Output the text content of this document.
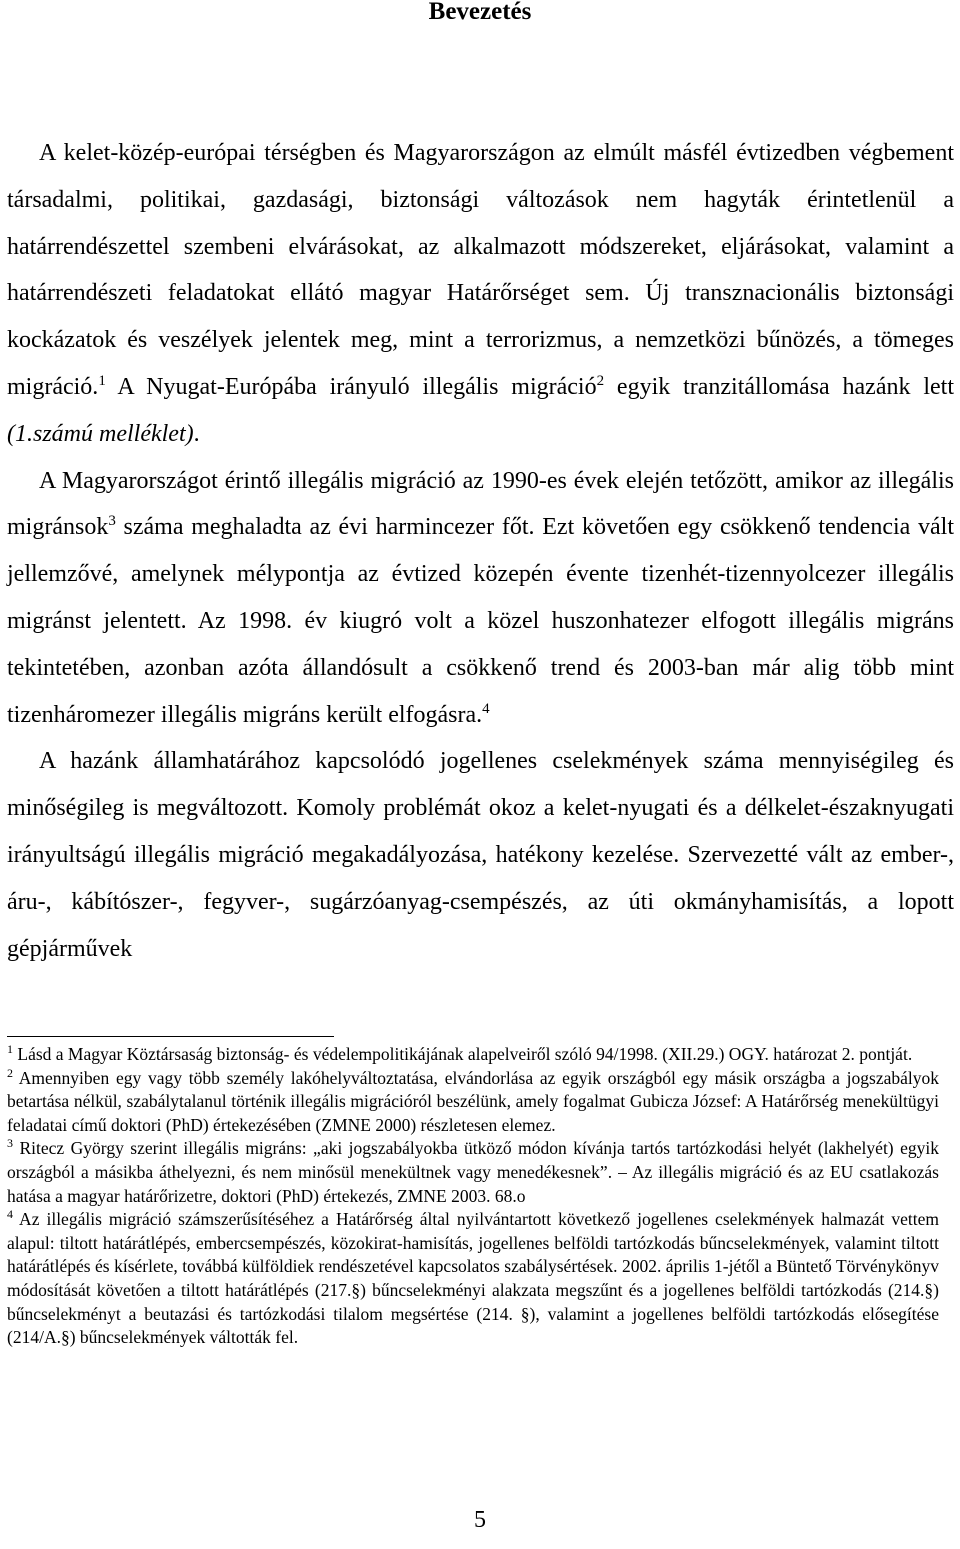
Bevezetés

A kelet-közép-európai térségben és Magyarországon az elmúlt másfél évtizedben végbement társadalmi, politikai, gazdasági, biztonsági változások nem hagyták érintetlenül a határrendészettel szembeni elvárásokat, az alkalmazott módszereket, eljárásokat, valamint a határrendészeti feladatokat ellátó magyar Határőrséget sem. Új transznacionális biztonsági kockázatok és veszélyek jelentek meg, mint a terrorizmus, a nemzetközi bűnözés, a tömeges migráció.$^1$ A Nyugat-Európába irányuló illegális migráció$^2$ egyik tranzitállomása hazánk lett (1.számú melléklet).

A Magyarországot érintő illegális migráció az 1990-es évek elején tetőzött, amikor az illegális migránsok$^3$ száma meghaladta az évi harmincezer főt. Ezt követően egy csökkenő tendencia vált jellemzővé, amelynek mélypontja az évtized közepén évente tizenhét-tizennyolcezer illegális migránst jelentett. Az 1998. év kiugró volt a közel huszonhatezer elfogott illegális migráns tekintetében, azonban azóta állandósult a csökkenő trend és 2003-ban már alig több mint tizenháromezer illegális migráns került elfogásra.$^4$

A hazánk államhatárához kapcsolódó jogellenes cselekmények száma mennyiségileg és minőségileg is megváltozott. Komoly problémát okoz a kelet-nyugati és a délkelet-északnyugati irányultságú illegális migráció megakadályozása, hatékony kezelése. Szervezetté vált az ember-, áru-, kábítószer-, fegyver-, sugárzóanyag-csempészés, az úti okmányhamisítás, a lopott gépjárművek

$^1$ Lásd a Magyar Köztársaság biztonság- és védelempolitikájának alapelveiről szóló 94/1998. (XII.29.) OGY. határozat 2. pontját.

$^2$ Amennyiben egy vagy több személy lakóhelyváltoztatása, elvándorlása az egyik országból egy másik országba a jogszabályok betartása nélkül, szabálytalanul történik illegális migrációról beszélünk, amely fogalmat Gubicza József: A Határőrség menekültügyi feladatai című doktori (PhD) értekezésében (ZMNE 2000) részletesen elemez.

$^3$ Ritecz György szerint illegális migráns: „aki jogszabályokba ütköző módon kívánja tartós tartózkodási helyét (lakhelyét) egyik országból a másikba áthelyezni, és nem minősül menekültnek vagy menedékesnek”. – Az illegális migráció és az EU csatlakozás hatása a magyar határőrizetre, doktori (PhD) értekezés, ZMNE 2003. 68.o

$^4$ Az illegális migráció számszerűsítéséhez a Határőrség által nyilvántartott következő jogellenes cselekmények halmazát vettem alapul: tiltott határátlépés, embercsempészés, közokirat-hamisítás, jogellenes belföldi tartózkodás bűncselekmények, valamint tiltott határátlépés és kísérlete, továbbá külföldiek rendészetével kapcsolatos szabálysértések. 2002. április 1-jétől a Büntető Törvénykönyv módosítását követően a tiltott határátlépés (217.§) bűncselekményi alakzata megszűnt és a jogellenes belföldi tartózkodás (214.§) bűncselekményt a beutazási és tartózkodási tilalom megsértése (214. §), valamint a jogellenes belföldi tartózkodás elősegítése (214/A.§) bűncselekmények váltották fel.

5
